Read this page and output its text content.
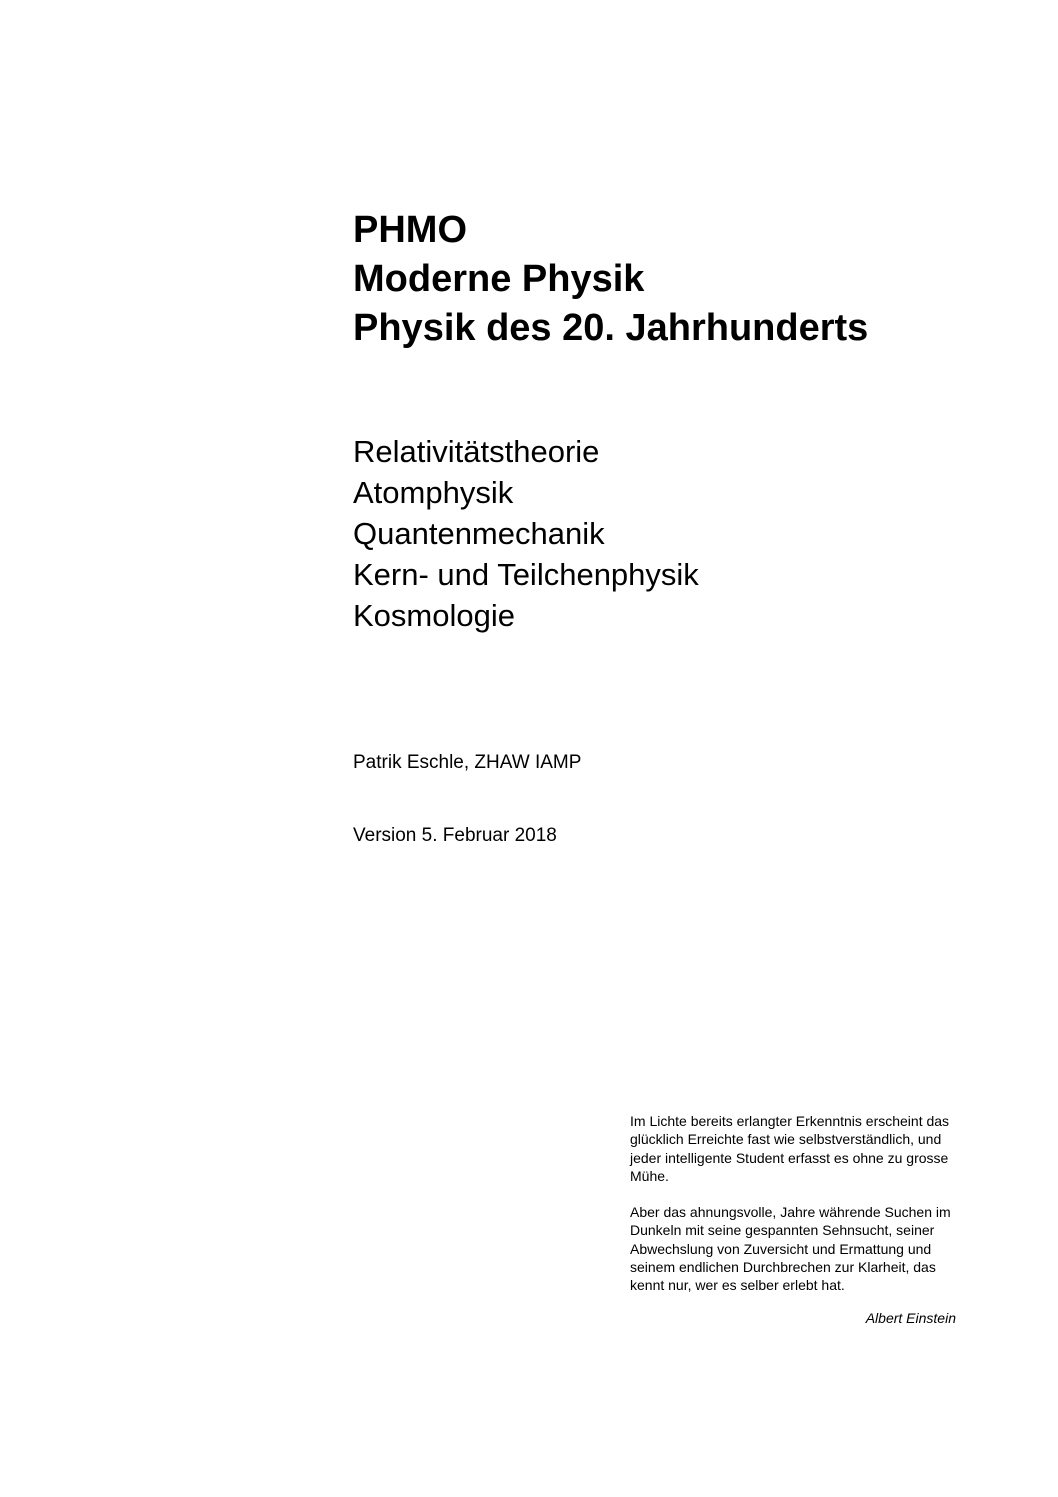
PHMO
Moderne Physik
Physik des 20. Jahrhunderts
Relativitätstheorie
Atomphysik
Quantenmechanik
Kern- und Teilchenphysik
Kosmologie
Patrik Eschle, ZHAW IAMP
Version 5. Februar 2018

Im Lichte bereits erlangter Erkenntnis erscheint das glücklich Erreichte fast wie selbstverständlich, und jeder intelligente Student erfasst es ohne zu grosse Mühe.

Aber das ahnungsvolle, Jahre währende Suchen im Dunkeln mit seine gespannten Sehnsucht, seiner Abwechslung von Zuversicht und Ermattung und seinem endlichen Durchbrechen zur Klarheit, das kennt nur, wer es selber erlebt hat.

Albert Einstein
